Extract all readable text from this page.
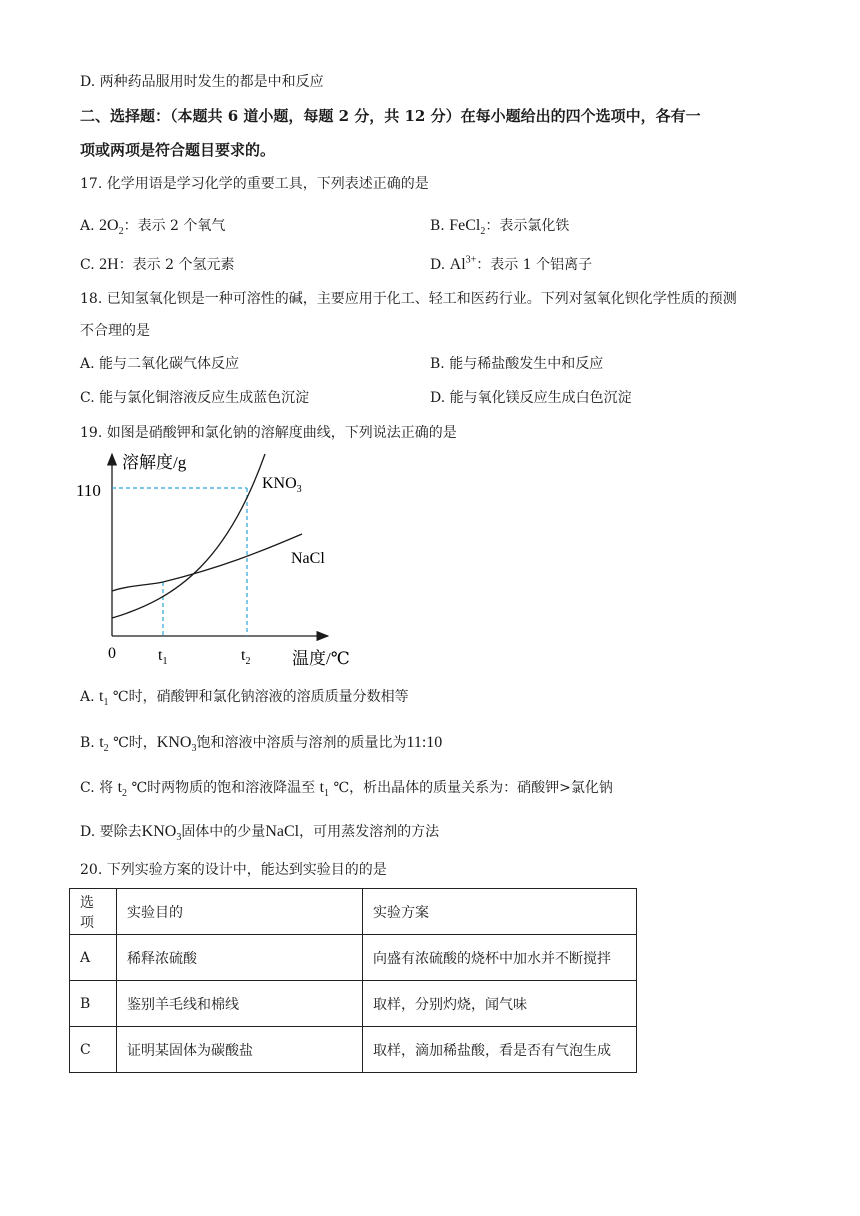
D. 两种药品服用时发生的都是中和反应
二、选择题：（本题共 6 道小题，每题 2 分，共 12 分）在每小题给出的四个选项中，各有一
项或两项是符合题目要求的。
17. 化学用语是学习化学的重要工具，下列表述正确的是
A. $2O_2$：表示 2 个氧气	B. FeCl$_2$：表示氯化铁
C. 2H：表示 2 个氢元素	D. $Al^{3+}$：表示 1 个铝离子
18. 已知氢氧化钡是一种可溶性的碱，主要应用于化工、轻工和医药行业。下列对氢氧化钡化学性质的预测
不合理的是
A. 能与二氧化碳气体反应	B. 能与稀盐酸发生中和反应
C. 能与氯化铜溶液反应生成蓝色沉淀	D. 能与氧化镁反应生成白色沉淀
19. 如图是硝酸钾和氯化钠的溶解度曲线，下列说法正确的是
溶解度/g
110
0	$t_1$	$t_2$ 温度/℃
$KNO_3$
NaCl
A. $t_1$ ℃时，硝酸钾和氯化钠溶液的溶质质量分数相等
B. $t_2$ ℃时，$KNO_3$饱和溶液中溶质与溶剂的质量比为11:10
C. 将 $t_2$ ℃时两物质的饱和溶液降温至 $t_1$ ℃，析出晶体的质量关系为：硝酸钾>氯化钠
D. 要除去$KNO_3$固体中的少量NaCl，可用蒸发溶剂的方法
20. 下列实验方案的设计中，能达到实验目的的是
选项	实验目的	实验方案
A	稀释浓硫酸	向盛有浓硫酸的烧杯中加水并不断搅拌
B	鉴别羊毛线和棉线	取样，分别灼烧，闻气味
C	证明某固体为碳酸盐	取样，滴加稀盐酸，看是否有气泡生成
